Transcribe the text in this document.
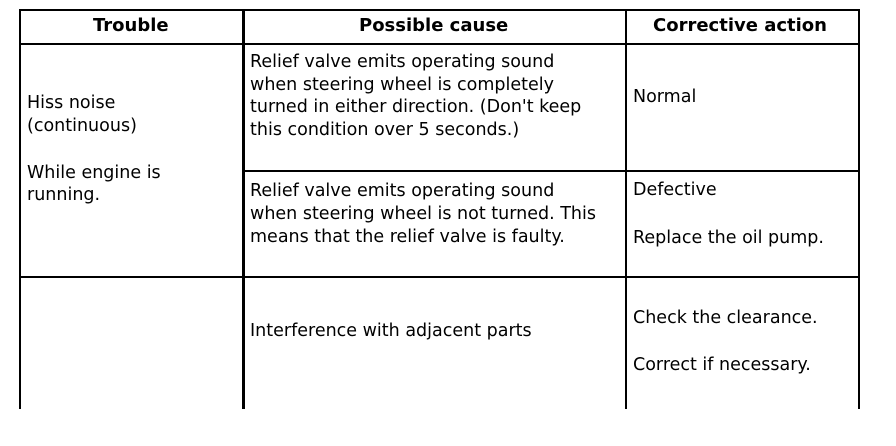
Trouble	Possible cause	Corrective action
Hiss noise
(continuous)
While engine is
running.
Relief valve emits operating sound
when steering wheel is completely
turned in either direction. (Don't keep
this condition over 5 seconds.)
Normal
Relief valve emits operating sound
when steering wheel is not turned. This
means that the relief valve is faulty.
Defective
Replace the oil pump.
Interference with adjacent parts
Check the clearance.
Correct if necessary.
